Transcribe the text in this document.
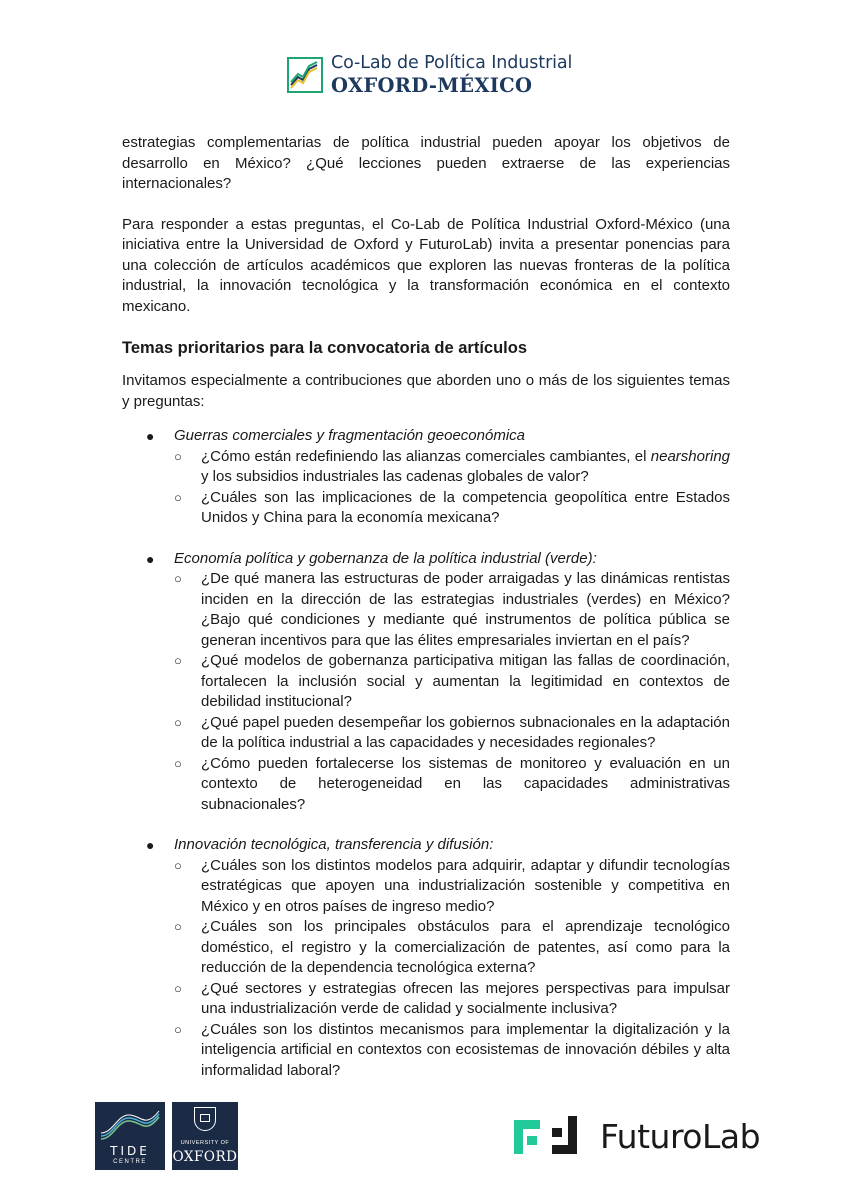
Co-Lab de Política Industrial
OXFORD-MÉXICO

estrategias complementarias de política industrial pueden apoyar los objetivos de desarrollo en México? ¿Qué lecciones pueden extraerse de las experiencias internacionales?

Para responder a estas preguntas, el Co-Lab de Política Industrial Oxford-México (una iniciativa entre la Universidad de Oxford y FuturoLab) invita a presentar ponencias para una colección de artículos académicos que exploren las nuevas fronteras de la política industrial, la innovación tecnológica y la transformación económica en el contexto mexicano.

Temas prioritarios para la convocatoria de artículos

Invitamos especialmente a contribuciones que aborden uno o más de los siguientes temas y preguntas:

● Guerras comerciales y fragmentación geoeconómica
○ ¿Cómo están redefiniendo las alianzas comerciales cambiantes, el nearshoring y los subsidios industriales las cadenas globales de valor?
○ ¿Cuáles son las implicaciones de la competencia geopolítica entre Estados Unidos y China para la economía mexicana?
● Economía política y gobernanza de la política industrial (verde):
○ ¿De qué manera las estructuras de poder arraigadas y las dinámicas rentistas inciden en la dirección de las estrategias industriales (verdes) en México? ¿Bajo qué condiciones y mediante qué instrumentos de política pública se generan incentivos para que las élites empresariales inviertan en el país?
○ ¿Qué modelos de gobernanza participativa mitigan las fallas de coordinación, fortalecen la inclusión social y aumentan la legitimidad en contextos de debilidad institucional?
○ ¿Qué papel pueden desempeñar los gobiernos subnacionales en la adaptación de la política industrial a las capacidades y necesidades regionales?
○ ¿Cómo pueden fortalecerse los sistemas de monitoreo y evaluación en un contexto de heterogeneidad en las capacidades administrativas subnacionales?
● Innovación tecnológica, transferencia y difusión:
○ ¿Cuáles son los distintos modelos para adquirir, adaptar y difundir tecnologías estratégicas que apoyen una industrialización sostenible y competitiva en México y en otros países de ingreso medio?
○ ¿Cuáles son los principales obstáculos para el aprendizaje tecnológico doméstico, el registro y la comercialización de patentes, así como para la reducción de la dependencia tecnológica externa?
○ ¿Qué sectores y estrategias ofrecen las mejores perspectivas para impulsar una industrialización verde de calidad y socialmente inclusiva?
○ ¿Cuáles son los distintos mecanismos para implementar la digitalización y la inteligencia artificial en contextos con ecosistemas de innovación débiles y alta informalidad laboral?
TIDE
CENTRE
UNIVERSITY OF
OXFORD
FuturoLab
